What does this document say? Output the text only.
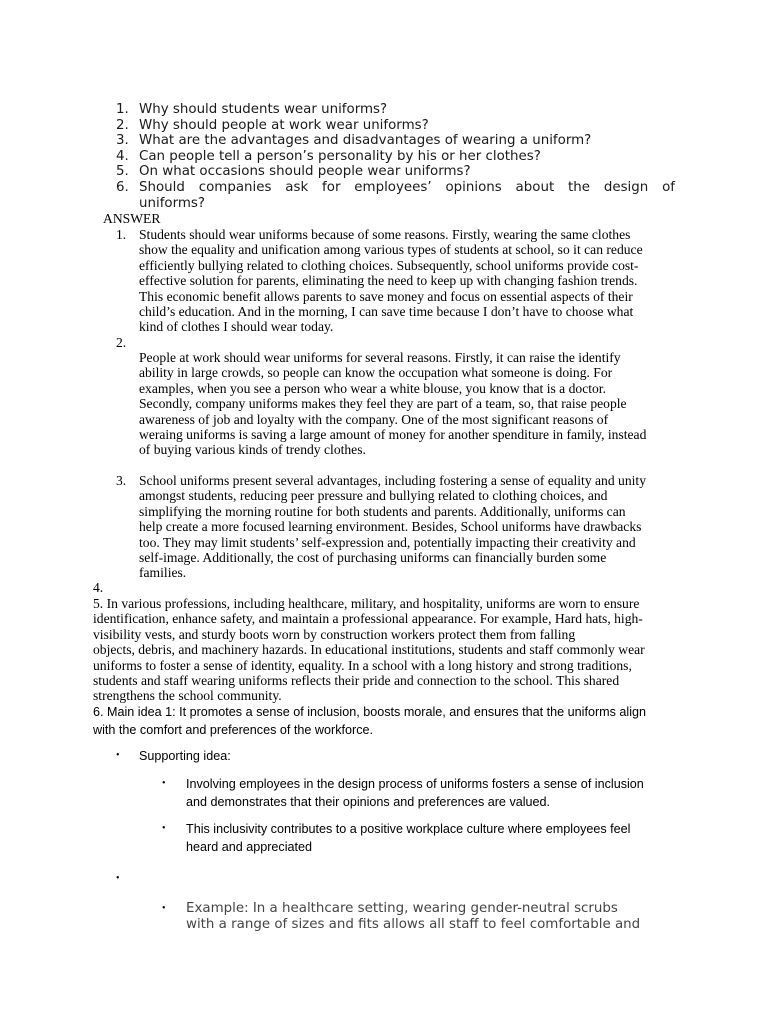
1. Why should students wear uniforms?
2. Why should people at work wear uniforms?
3. What are the advantages and disadvantages of wearing a uniform?
4. Can people tell a person’s personality by his or her clothes?
5. On what occasions should people wear uniforms?
6. Should companies ask for employees’ opinions about the design of
uniforms?
ANSWER
1. Students should wear uniforms because of some reasons. Firstly, wearing the same clothes
show the equality and unification among various types of students at school, so it can reduce
efficiently bullying related to clothing choices. Subsequently, school uniforms provide cost-
effective solution for parents, eliminating the need to keep up with changing fashion trends.
This economic benefit allows parents to save money and focus on essential aspects of their
child’s education. And in the morning, I can save time because I don’t have to choose what
kind of clothes I should wear today.
2.
People at work should wear uniforms for several reasons. Firstly, it can raise the identify
ability in large crowds, so people can know the occupation what someone is doing. For
examples, when you see a person who wear a white blouse, you know that is a doctor.
Secondly, company uniforms makes they feel they are part of a team, so, that raise people
awareness of job and loyalty with the company. One of the most significant reasons of
weraing uniforms is saving a large amount of money for another spenditure in family, instead
of buying various kinds of trendy clothes.
3. School uniforms present several advantages, including fostering a sense of equality and unity
amongst students, reducing peer pressure and bullying related to clothing choices, and
simplifying the morning routine for both students and parents. Additionally, uniforms can
help create a more focused learning environment. Besides, School uniforms have drawbacks
too. They may limit students’ self-expression and, potentially impacting their creativity and
self-image. Additionally, the cost of purchasing uniforms can financially burden some
families.
4.
5. In various professions, including healthcare, military, and hospitality, uniforms are worn to ensure
identification, enhance safety, and maintain a professional appearance. For example, Hard hats, high-
visibility vests, and sturdy boots worn by construction workers protect them from falling
objects, debris, and machinery hazards. In educational institutions, students and staff commonly wear
uniforms to foster a sense of identity, equality. In a school with a long history and strong traditions,
students and staff wearing uniforms reflects their pride and connection to the school. This shared
strengthens the school community.
6. Main idea 1: It promotes a sense of inclusion, boosts morale, and ensures that the uniforms align
with the comfort and preferences of the workforce.
• Supporting idea:
• Involving employees in the design process of uniforms fosters a sense of inclusion
and demonstrates that their opinions and preferences are valued.
• This inclusivity contributes to a positive workplace culture where employees feel
heard and appreciated
•
• Example: In a healthcare setting, wearing gender-neutral scrubs
with a range of sizes and fits allows all staff to feel comfortable and
